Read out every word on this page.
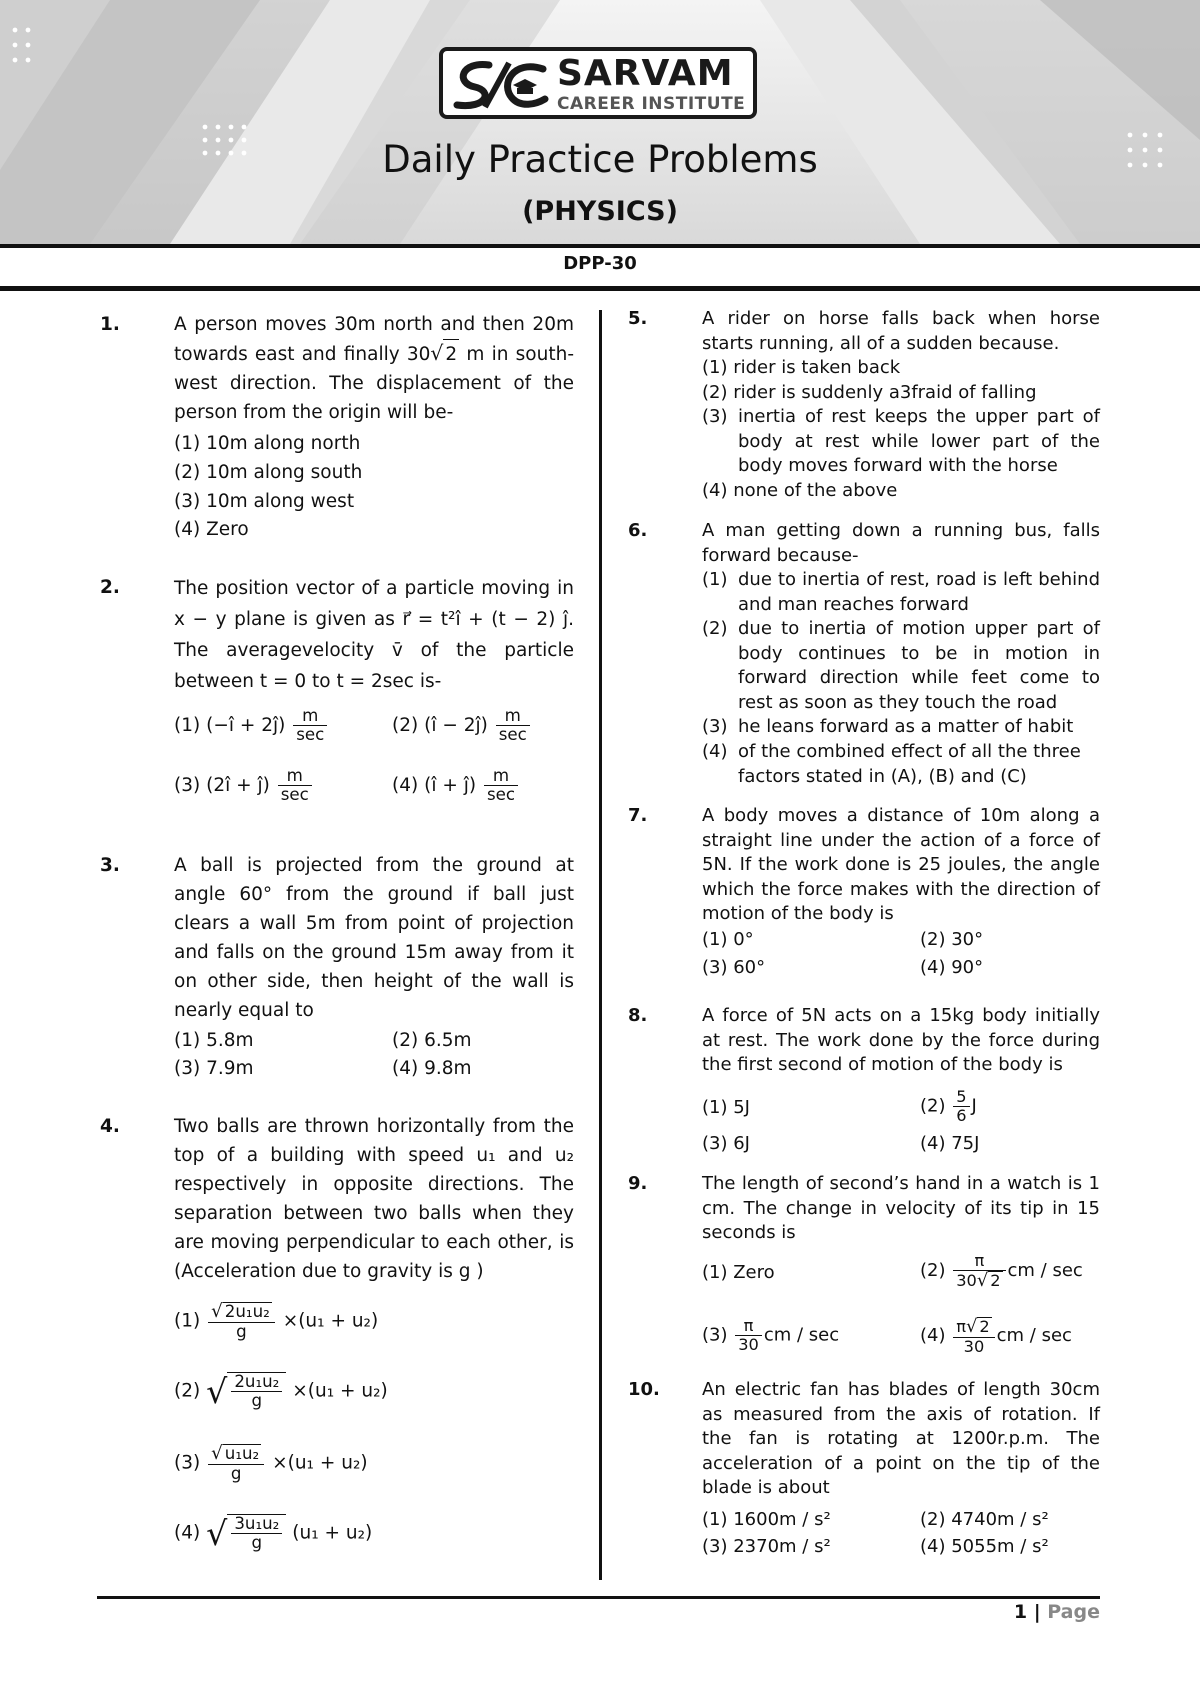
SARVAM
CAREER INSTITUTE
Daily Practice Problems
(PHYSICS)
DPP-30
1.	A person moves 30m north and then 20m towards east and finally 30√ 2 m in south-west direction. The displacement of the person from the origin will be-
(1) 10m along north
(2) 10m along south
(3) 10m along west
(4) Zero
2.	The position vector of a particle moving in x − y plane is given as r⃗ = t²î + (t − 2) ĵ. The averagevelocity v̄ of the particle between t = 0 to t = 2sec is-
(1) (−î + 2ĵ) $\frac{m}{\sec}$	(2) (î − 2ĵ) $\frac{m}{\sec}$
(3) (2î + ĵ) $\frac{m}{\sec}$	(4) (î + ĵ) $\frac{m}{\sec}$
3.	A ball is projected from the ground at angle 60° from the ground if ball just clears a wall 5m from point of projection and falls on the ground 15m away from it on other side, then height of the wall is nearly equal to
(1) 5.8m	(2) 6.5m
(3) 7.9m	(4) 9.8m
4.	Two balls are thrown horizontally from the top of a building with speed u₁ and u₂ respectively in opposite directions. The separation between two balls when they are moving perpendicular to each other, is (Acceleration due to gravity is g )
$(1) \frac{\text{√ 2u₁u₂}}{g} \times(u_1 + u_2)$
(2) √ $\frac{\text{2u₁u₂}}{g} \times(u_1 + u_2)$
$(3) \frac{\text{√ u₁u₂}}{g} \times(u_1 + u_2)$
(4) √ $\frac{\text{3u₁u₂}}{g} (u_1 + u_2)$
5.	A rider on horse falls back when horse starts running, all of a sudden because.
(1) rider is taken back
(2) rider is suddenly a3fraid of falling
(3) inertia of rest keeps the upper part of body at rest while lower part of the body moves forward with the horse
(4) none of the above
6.	A man getting down a running bus, falls forward because-
(1) due to inertia of rest, road is left behind and man reaches forward
(2) due to inertia of motion upper part of body continues to be in motion in forward direction while feet come to rest as soon as they touch the road
(3) he leans forward as a matter of habit
(4) of the combined effect of all the three factors stated in (A), (B) and (C)
7.	A body moves a distance of 10m along a straight line under the action of a force of 5N. If the work done is 25 joules, the angle which the force makes with the direction of motion of the body is
(1) 0°	(2) 30°
(3) 60°	(4) 90°
8.	A force of 5N acts on a 15kg body initially at rest. The work done by the force during the first second of motion of the body is
(1) 5J	$(2) \frac{5}{6}$ J
(3) 6J	(4) 75J
9.	The length of second’s hand in a watch is 1 cm. The change in velocity of its tip in 15 seconds is
(1) Zero	$(2) \frac{\pi}{30√ 2}$ cm / sec
$(3) \frac{\pi}{30}$ cm / sec	$(4) \frac{\pi√ 2}{30}$ cm / sec
10. An electric fan has blades of length 30cm as measured from the axis of rotation. If the fan is rotating at 1200r.p.m. The acceleration of a point on the tip of the blade is about
(1) 1600m / s²	(2) 4740m / s²
(3) 2370m / s²	(4) 5055m / s²
1 | Page
